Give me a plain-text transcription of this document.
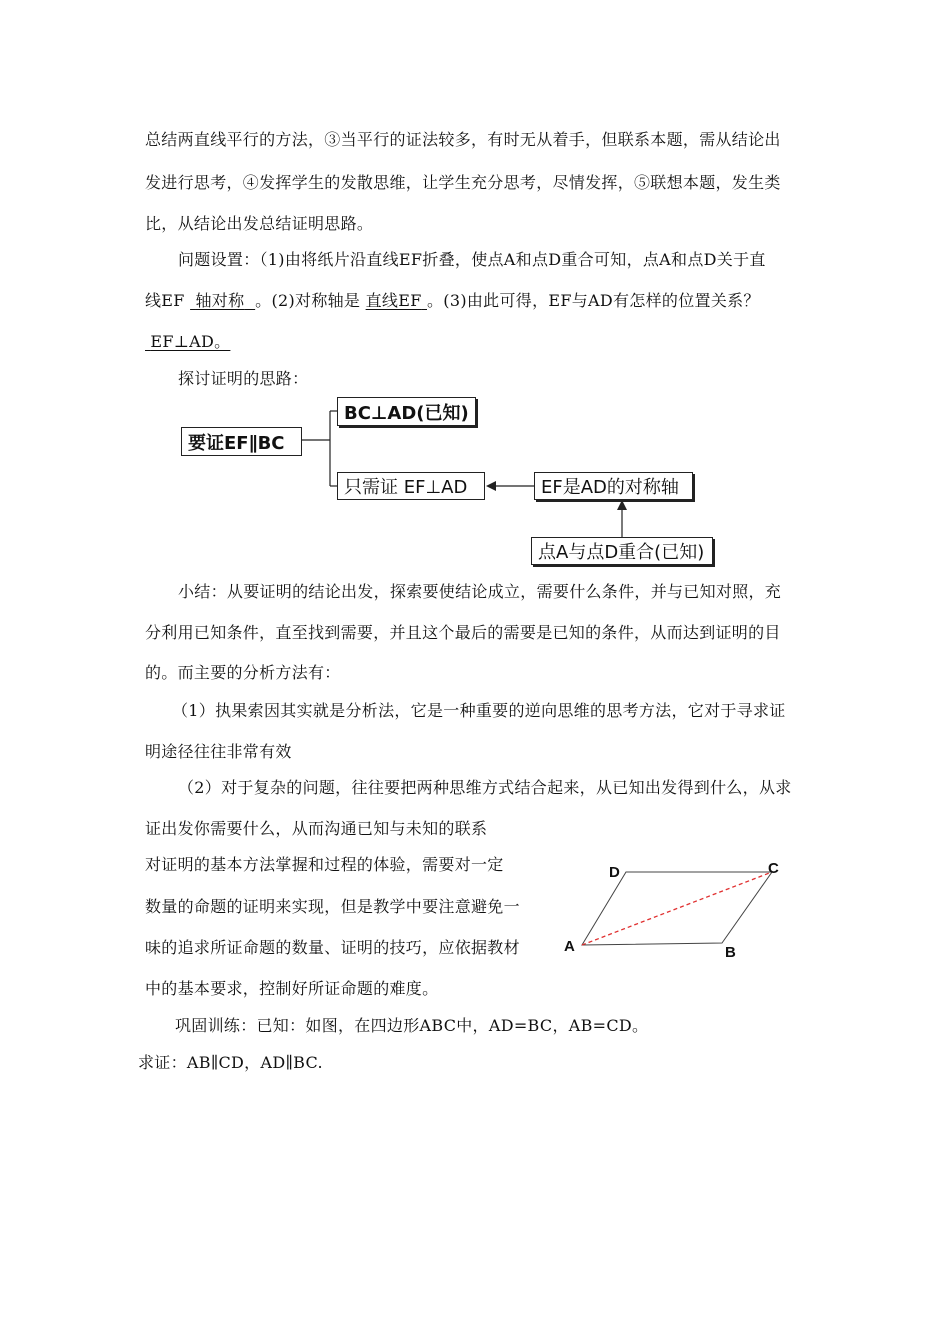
总结两直线平行的方法，③当平行的证法较多，有时无从着手，但联系本题，需从结论出
发进行思考，④发挥学生的发散思维，让学生充分思考，尽情发挥，⑤联想本题，发生类
比，从结论出发总结证明思路。
问题设置：（1)由将纸片沿直线EF折叠，使点A和点D重合可知，点A和点D关于直
线EF 轴对称 。(2)对称轴是 直线EF 。(3)由此可得，EF与AD有怎样的位置关系？
EF⊥AD。
探讨证明的思路：
要证EF∥BC
BC⊥AD(已知)
只需证 EF⊥AD	EF是AD的对称轴
点A与点D重合(已知)
小结：从要证明的结论出发，探索要使结论成立，需要什么条件，并与已知对照，充
分利用已知条件，直至找到需要，并且这个最后的需要是已知的条件，从而达到证明的目
的。而主要的分析方法有：
（1）执果索因其实就是分析法，它是一种重要的逆向思维的思考方法，它对于寻求证
明途径往往非常有效
（2）对于复杂的问题，往往要把两种思维方式结合起来，从已知出发得到什么，从求
证出发你需要什么，从而沟通已知与未知的联系
对证明的基本方法掌握和过程的体验，需要对一定
数量的命题的证明来实现，但是教学中要注意避免一
味的追求所证命题的数量、证明的技巧，应依据教材
中的基本要求，控制好所证命题的难度。
A	B
C
D
巩固训练：已知：如图，在四边形ABC中，AD=BC，AB=CD。
求证：AB∥CD，AD∥BC.
